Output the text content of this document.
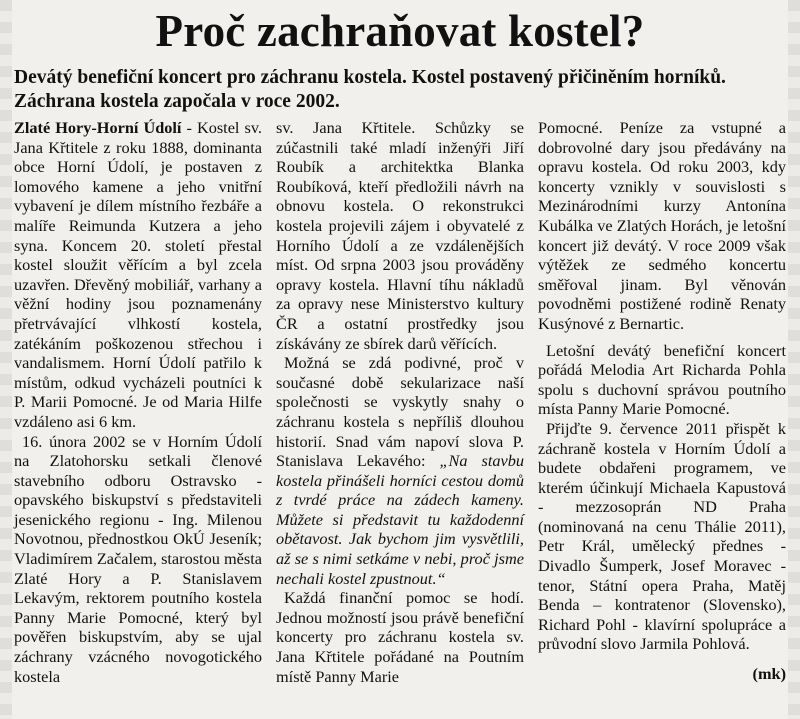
Proč zachraňovat kostel?
Devátý benefiční koncert pro záchranu kostela. Kostel postavený přičiněním horníků. Záchrana kostela započala v roce 2002.

Zlaté Hory-Horní Údolí - Kostel sv. Jana Křtitele z roku 1888, dominanta obce Horní Údolí, je postaven z lomového kamene a jeho vnitřní vybavení je dílem místního řezbáře a malíře Reimunda Kutzera a jeho syna. Koncem 20. století přestal kostel sloužit věřícím a byl zcela uzavřen. Dřevěný mobiliář, varhany a věžní hodiny jsou poznamenány přetrvávající vlhkostí kostela, zatékáním poškozenou střechou i vandalismem. Horní Údolí patřilo k místům, odkud vycházeli poutníci k P. Marii Pomocné. Je od Maria Hilfe vzdáleno asi 6 km.

16. února 2002 se v Horním Údolí na Zlatohorsku setkali členové stavebního odboru Ostravsko - opavského biskupství s představiteli jesenického regionu - Ing. Milenou Novotnou, přednostkou OkÚ Jeseník; Vladimírem Začalem, starostou města Zlaté Hory a P. Stanislavem Lekavým, rektorem poutního kostela Panny Marie Pomocné, který byl pověřen biskupstvím, aby se ujal záchrany vzácného novogotického kostela

sv. Jana Křtitele. Schůzky se zúčastnili také mladí inženýři Jiří Roubík a architektka Blanka Roubíková, kteří předložili návrh na obnovu kostela. O rekonstrukci kostela projevili zájem i obyvatelé z Horního Údolí a ze vzdálenějších míst. Od srpna 2003 jsou prováděny opravy kostela. Hlavní tíhu nákladů za opravy nese Ministerstvo kultury ČR a ostatní prostředky jsou získávány ze sbírek darů věřících.

Možná se zdá podivné, proč v současné době sekularizace naší společnosti se vyskytly snahy o záchranu kostela s nepříliš dlouhou historií. Snad vám napoví slova P. Stanislava Lekavého: „Na stavbu kostela přinášeli horníci cestou domů z tvrdé práce na zádech kameny. Můžete si představit tu každodenní obětavost. Jak bychom jim vysvětlili, až se s nimi setkáme v nebi, proč jsme nechali kostel zpustnout.“

Každá finanční pomoc se hodí. Jednou možností jsou právě benefiční koncerty pro záchranu kostela sv. Jana Křtitele pořádané na Poutním místě Panny Marie

Pomocné. Peníze za vstupné a dobrovolné dary jsou předávány na opravu kostela. Od roku 2003, kdy koncerty vznikly v souvislosti s Mezinárodními kurzy Antonína Kubálka ve Zlatých Horách, je letošní koncert již devátý. V roce 2009 však výtěžek ze sedmého koncertu směřoval jinam. Byl věnován povodněmi postižené rodině Renaty Kusýnové z Bernartic.

Letošní devátý benefiční koncert pořádá Melodia Art Richarda Pohla spolu s duchovní správou poutního místa Panny Marie Pomocné.

Přijďte 9. července 2011 přispět k záchraně kostela v Horním Údolí a budete obdařeni programem, ve kterém účinkují Michaela Kapustová - mezzosoprán ND Praha (nominovaná na cenu Thálie 2011), Petr Král, umělecký přednes - Divadlo Šumperk, Josef Moravec - tenor, Státní opera Praha, Matěj Benda – kontratenor (Slovensko), Richard Pohl - klavírní spolupráce a průvodní slovo Jarmila Pohlová.

(mk)
